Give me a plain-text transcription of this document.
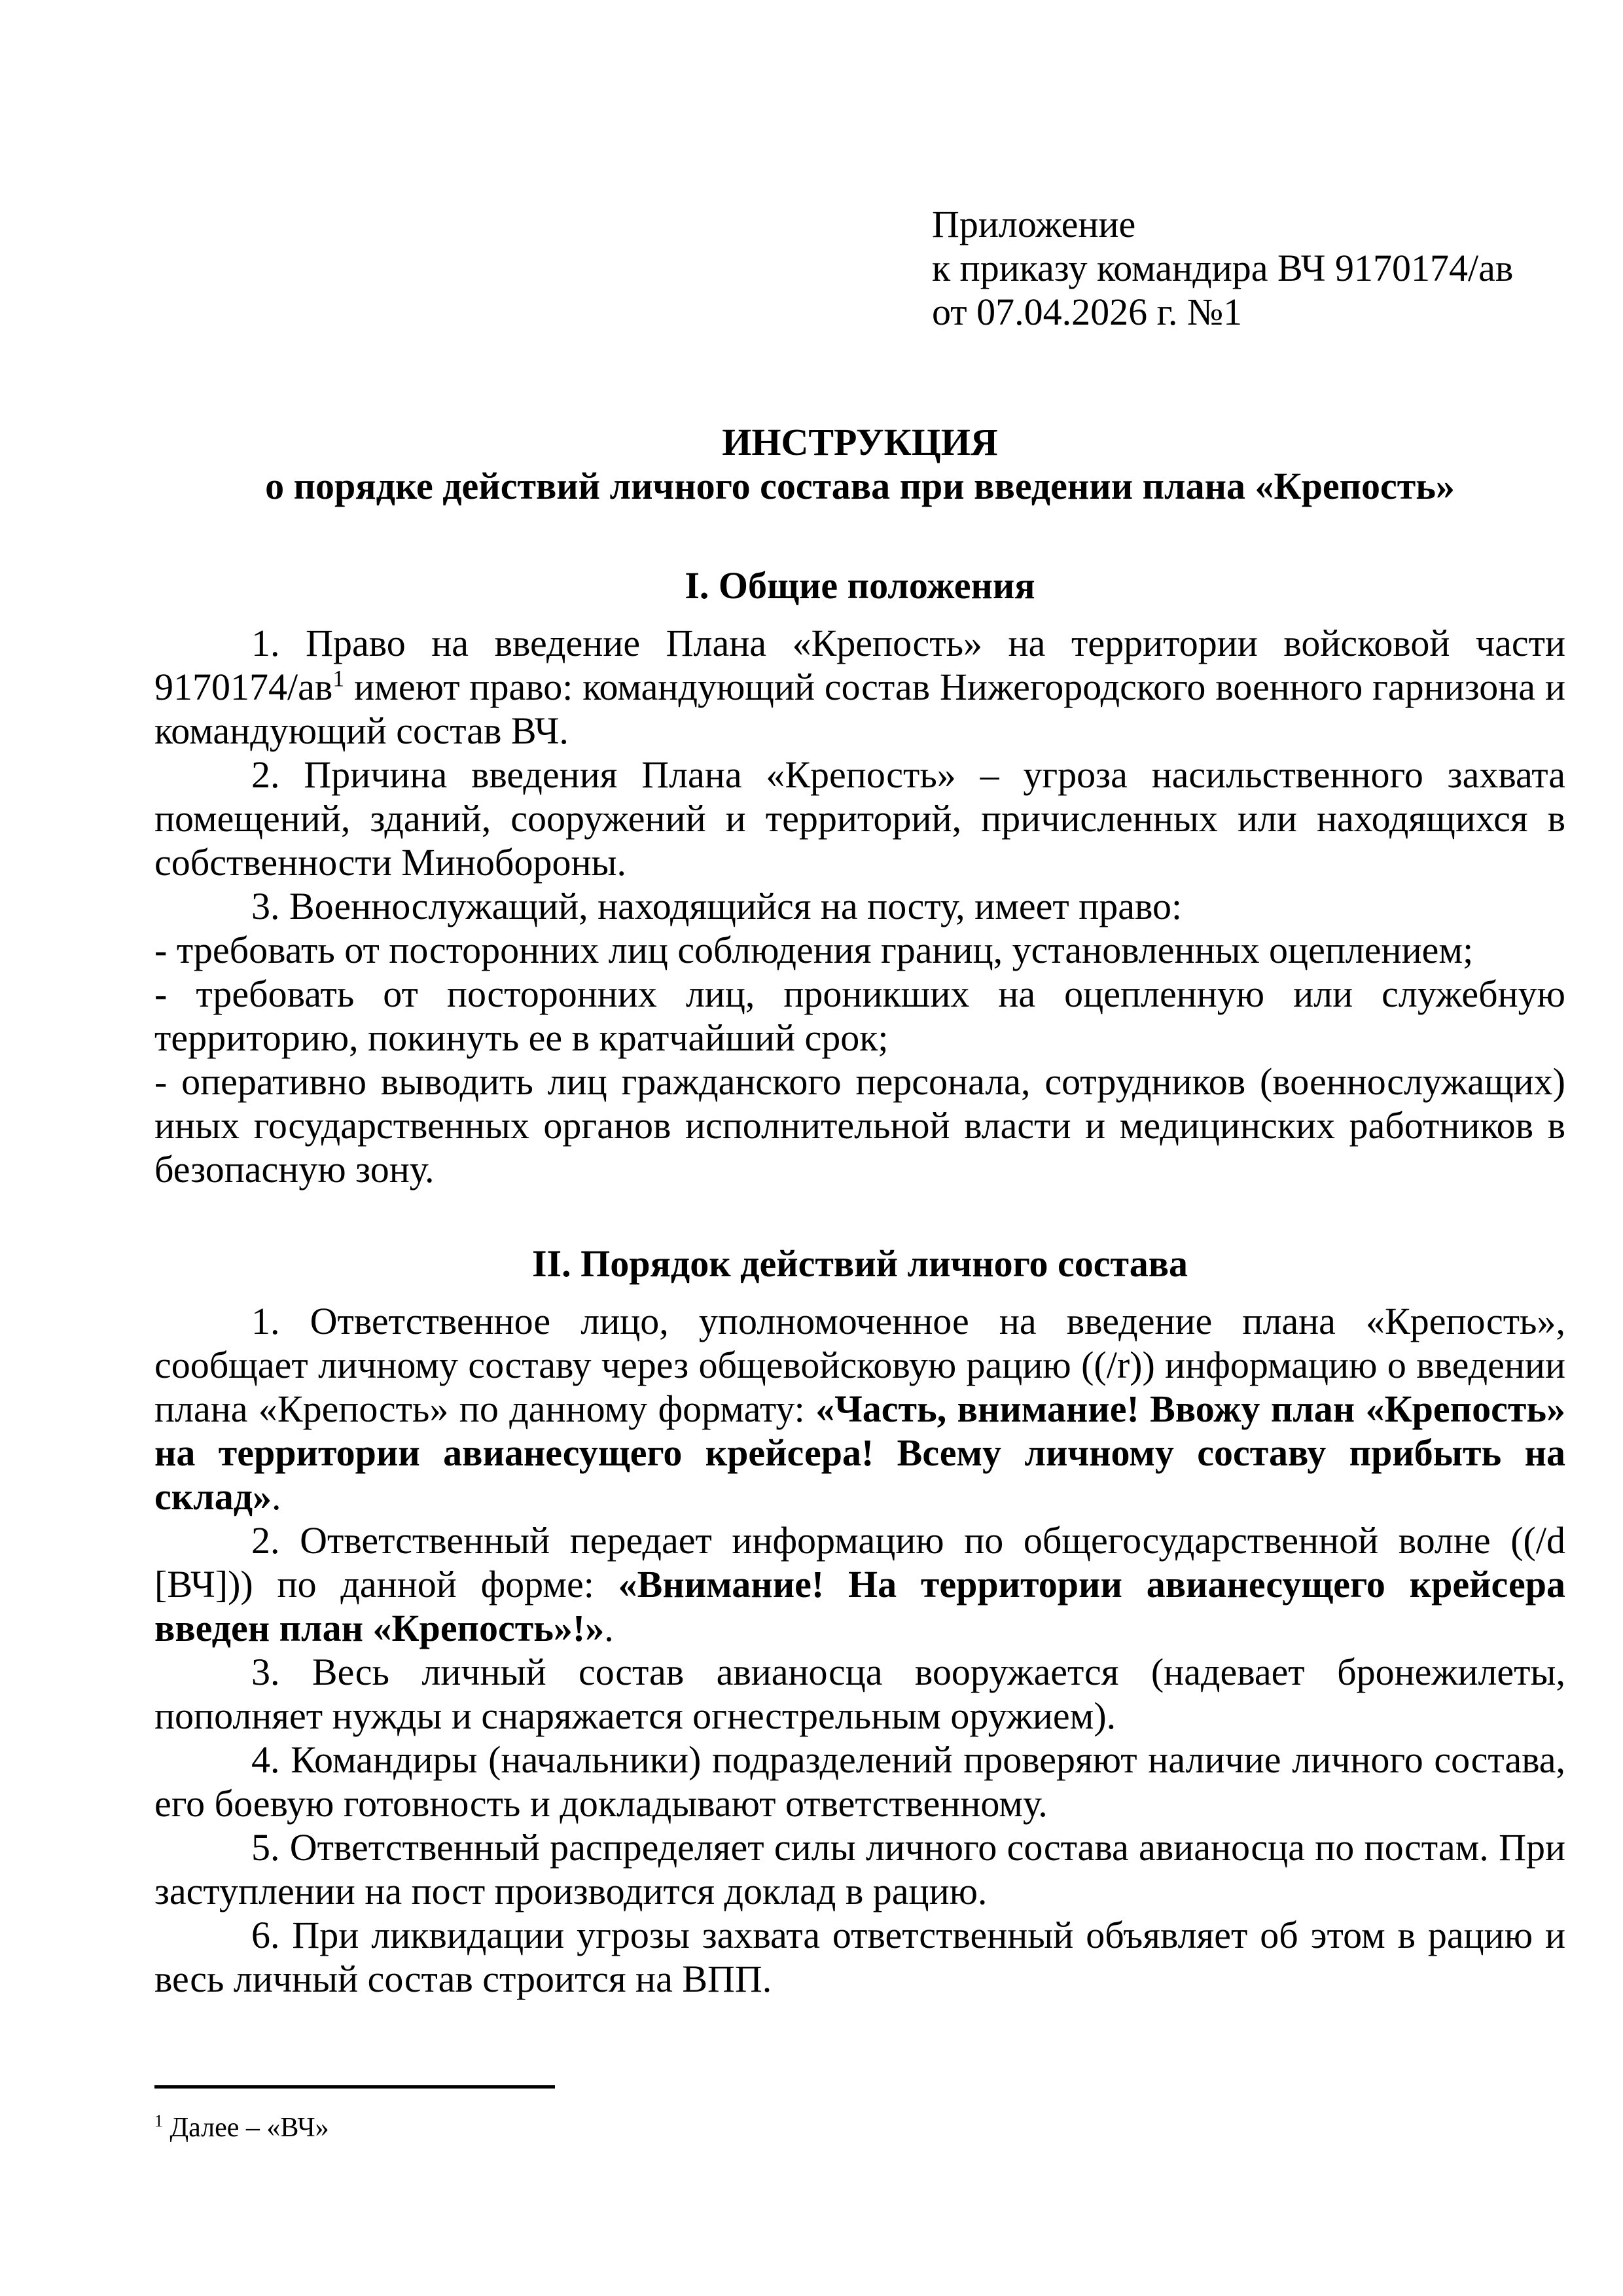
Приложение

к приказу командира ВЧ 9170174/ав

от 07.04.2026 г. №1

ИНСТРУКЦИЯ

о порядке действий личного состава при введении плана «Крепость»

I. Общие положения

1. Право на введение Плана «Крепость» на территории войсковой части 9170174/ав$^1$ имеют право: командующий состав Нижегородского военного гарнизона и командующий состав ВЧ.

2. Причина введения Плана «Крепость» – угроза насильственного захвата помещений, зданий, сооружений и территорий, причисленных или находящихся в собственности Минобороны.

3. Военнослужащий, находящийся на посту, имеет право:

- требовать от посторонних лиц соблюдения границ, установленных оцеплением;

- требовать от посторонних лиц, проникших на оцепленную или служебную территорию, покинуть ее в кратчайший срок;

- оперативно выводить лиц гражданского персонала, сотрудников (военнослужащих) иных государственных органов исполнительной власти и медицинских работников в безопасную зону.

II. Порядок действий личного состава

1. Ответственное лицо, уполномоченное на введение плана «Крепость», сообщает личному составу через общевойсковую рацию ((/r)) информацию о введении плана «Крепость» по данному формату: «Часть, внимание! Ввожу план «Крепость» на территории авианесущего крейсера! Всему личному составу прибыть на склад».

2. Ответственный передает информацию по общегосударственной волне ((/d [ВЧ])) по данной форме: «Внимание! На территории авианесущего крейсера введен план «Крепость»!».

3. Весь личный состав авианосца вооружается (надевает бронежилеты, пополняет нужды и снаряжается огнестрельным оружием).

4. Командиры (начальники) подразделений проверяют наличие личного состава, его боевую готовность и докладывают ответственному.

5. Ответственный распределяет силы личного состава авианосца по постам. При заступлении на пост производится доклад в рацию.

6. При ликвидации угрозы захвата ответственный объявляет об этом в рацию и весь личный состав строится на ВПП.

$^1$ Далее – «ВЧ»
